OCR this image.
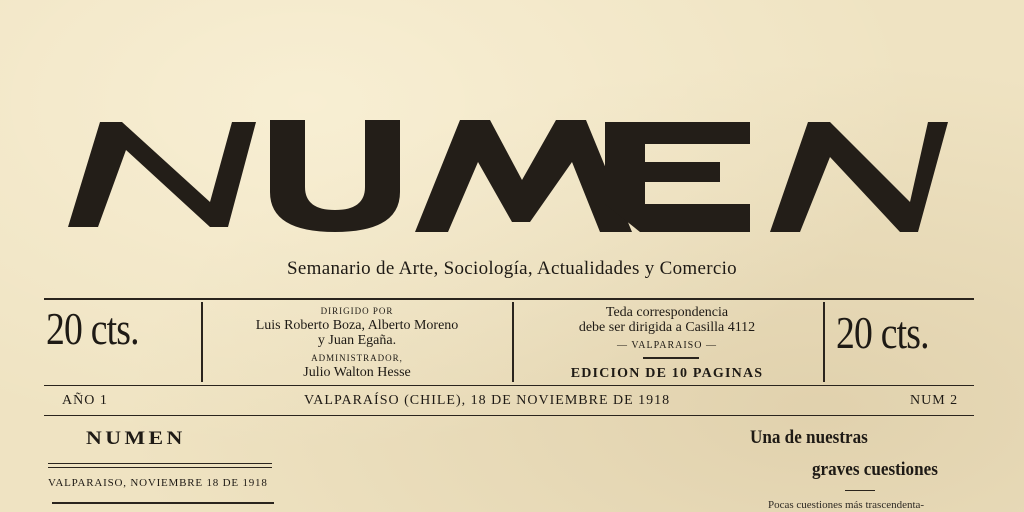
NUMEN
Semanario de Arte, Sociología, Actualidades y Comercio
20 cts.	20 cts.
DIRIGIDO POR
Luis Roberto Boza, Alberto Moreno
y Juan Egaña.
ADMINISTRADOR,
Julio Walton Hesse
Teda correspondencia
debe ser dirigida a Casilla 4112
— VALPARAISO —
EDICION DE 10 PAGINAS
AÑO 1	VALPARAÍSO (CHILE), 18 DE NOVIEMBRE DE 1918	NUM 2
NUMEN
VALPARAISO, NOVIEMBRE 18 DE 1918
Una de nuestras
graves cuestiones
Pocas cuestiones más trascendenta-
